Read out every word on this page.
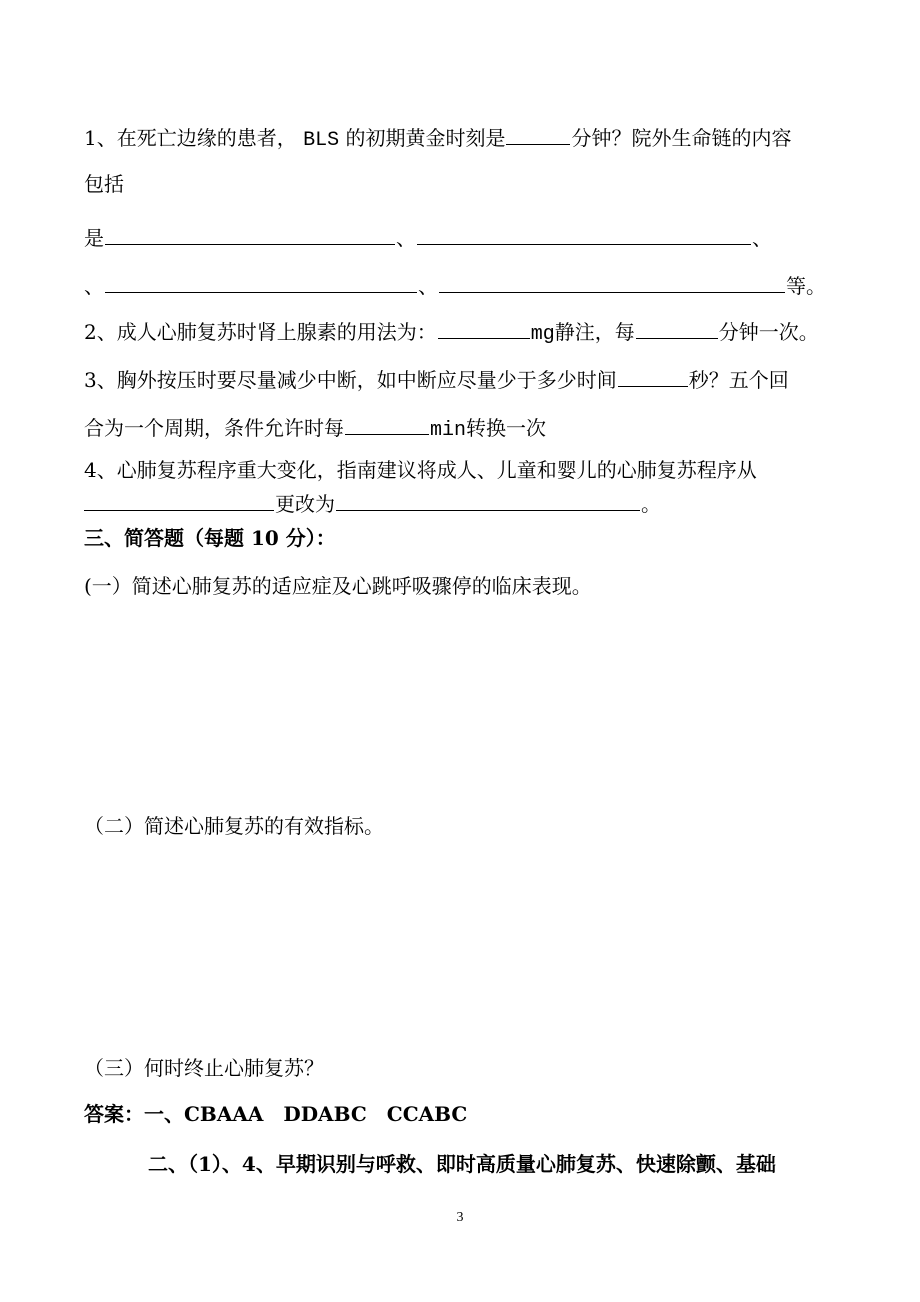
1、在死亡边缘的患者， BLS 的初期黄金时刻是	分钟？院外生命链的内容
包括
是	、	、
、	、	等。
2、成人心肺复苏时肾上腺素的用法为：	mg静注，每	分钟一次。
3、胸外按压时要尽量减少中断，如中断应尽量少于多少时间	秒？五个回
合为一个周期，条件允许时每	min转换一次
4、心肺复苏程序重大变化，指南建议将成人、儿童和婴儿的心肺复苏程序从
更改为	。
三、简答题（每题 10 分）：
(一）简述心肺复苏的适应症及心跳呼吸骤停的临床表现。
（二）简述心肺复苏的有效指标。
（三）何时终止心肺复苏？
答案：一、CBAAA　DDABC　CCABC
二、（1）、4、早期识别与呼救、即时高质量心肺复苏、快速除颤、基础
3
